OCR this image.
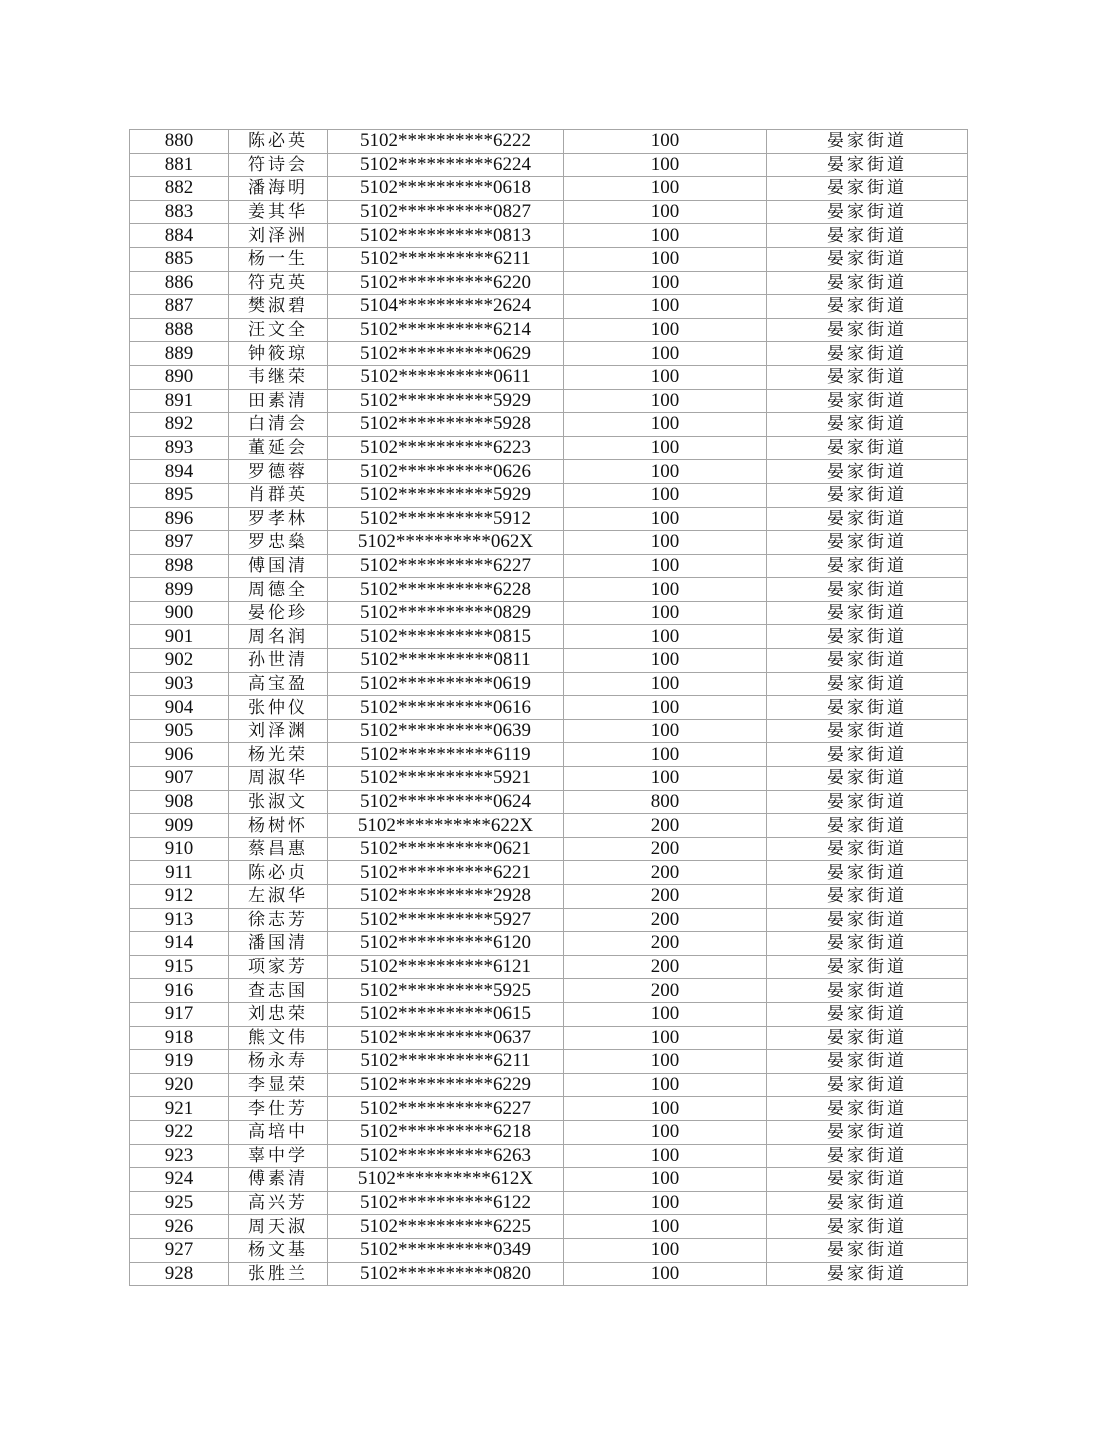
880	陈必英	5102**********6222	100	晏家街道
881	符诗会	5102**********6224	100	晏家街道
882	潘海明	5102**********0618	100	晏家街道
883	姜其华	5102**********0827	100	晏家街道
884	刘泽洲	5102**********0813	100	晏家街道
885	杨一生	5102**********6211	100	晏家街道
886	符克英	5102**********6220	100	晏家街道
887	樊淑碧	5104**********2624	100	晏家街道
888	汪文全	5102**********6214	100	晏家街道
889	钟筱琼	5102**********0629	100	晏家街道
890	韦继荣	5102**********0611	100	晏家街道
891	田素清	5102**********5929	100	晏家街道
892	白清会	5102**********5928	100	晏家街道
893	董延会	5102**********6223	100	晏家街道
894	罗德蓉	5102**********0626	100	晏家街道
895	肖群英	5102**********5929	100	晏家街道
896	罗孝林	5102**********5912	100	晏家街道
897	罗忠燊	5102**********062X	100	晏家街道
898	傅国清	5102**********6227	100	晏家街道
899	周德全	5102**********6228	100	晏家街道
900	晏伦珍	5102**********0829	100	晏家街道
901	周名润	5102**********0815	100	晏家街道
902	孙世清	5102**********0811	100	晏家街道
903	高宝盈	5102**********0619	100	晏家街道
904	张仲仪	5102**********0616	100	晏家街道
905	刘泽渊	5102**********0639	100	晏家街道
906	杨光荣	5102**********6119	100	晏家街道
907	周淑华	5102**********5921	100	晏家街道
908	张淑文	5102**********0624	800	晏家街道
909	杨树怀	5102**********622X	200	晏家街道
910	蔡昌惠	5102**********0621	200	晏家街道
911	陈必贞	5102**********6221	200	晏家街道
912	左淑华	5102**********2928	200	晏家街道
913	徐志芳	5102**********5927	200	晏家街道
914	潘国清	5102**********6120	200	晏家街道
915	项家芳	5102**********6121	200	晏家街道
916	查志国	5102**********5925	200	晏家街道
917	刘忠荣	5102**********0615	100	晏家街道
918	熊文伟	5102**********0637	100	晏家街道
919	杨永寿	5102**********6211	100	晏家街道
920	李显荣	5102**********6229	100	晏家街道
921	李仕芳	5102**********6227	100	晏家街道
922	高培中	5102**********6218	100	晏家街道
923	辜中学	5102**********6263	100	晏家街道
924	傅素清	5102**********612X	100	晏家街道
925	高兴芳	5102**********6122	100	晏家街道
926	周天淑	5102**********6225	100	晏家街道
927	杨文基	5102**********0349	100	晏家街道
928	张胜兰	5102**********0820	100	晏家街道
